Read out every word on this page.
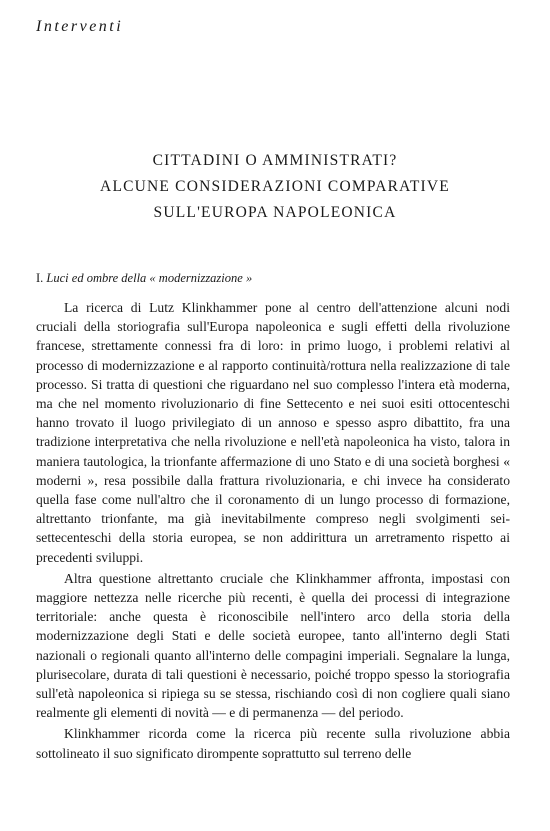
Interventi
CITTADINI O AMMINISTRATI?
ALCUNE CONSIDERAZIONI COMPARATIVE
SULL'EUROPA NAPOLEONICA
I. Luci ed ombre della « modernizzazione »

La ricerca di Lutz Klinkhammer pone al centro dell'attenzione alcuni nodi cruciali della storiografia sull'Europa napoleonica e sugli effetti della rivoluzione francese, strettamente connessi fra di loro: in primo luogo, i problemi relativi al processo di modernizzazione e al rapporto continuità/rottura nella realizzazione di tale processo. Si tratta di questioni che riguardano nel suo complesso l'intera età moderna, ma che nel momento rivoluzionario di fine Settecento e nei suoi esiti ottocenteschi hanno trovato il luogo privilegiato di un annoso e spesso aspro dibattito, fra una tradizione interpretativa che nella rivoluzione e nell'età napoleonica ha visto, talora in maniera tautologica, la trionfante affermazione di uno Stato e di una società borghesi « moderni », resa possibile dalla frattura rivoluzionaria, e chi invece ha considerato quella fase come null'altro che il coronamento di un lungo processo di formazione, altrettanto trionfante, ma già inevitabilmente compreso negli svolgimenti sei-settecenteschi della storia europea, se non addirittura un arretramento rispetto ai precedenti sviluppi.

Altra questione altrettanto cruciale che Klinkhammer affronta, impostasi con maggiore nettezza nelle ricerche più recenti, è quella dei processi di integrazione territoriale: anche questa è riconoscibile nell'intero arco della storia della modernizzazione degli Stati e delle società europee, tanto all'interno degli Stati nazionali o regionali quanto all'interno delle compagini imperiali. Segnalare la lunga, plurisecolare, durata di tali questioni è necessario, poiché troppo spesso la storiografia sull'età napoleonica si ripiega su se stessa, rischiando così di non cogliere quali siano realmente gli elementi di novità — e di permanenza — del periodo.

Klinkhammer ricorda come la ricerca più recente sulla rivoluzione abbia sottolineato il suo significato dirompente soprattutto sul terreno delle
